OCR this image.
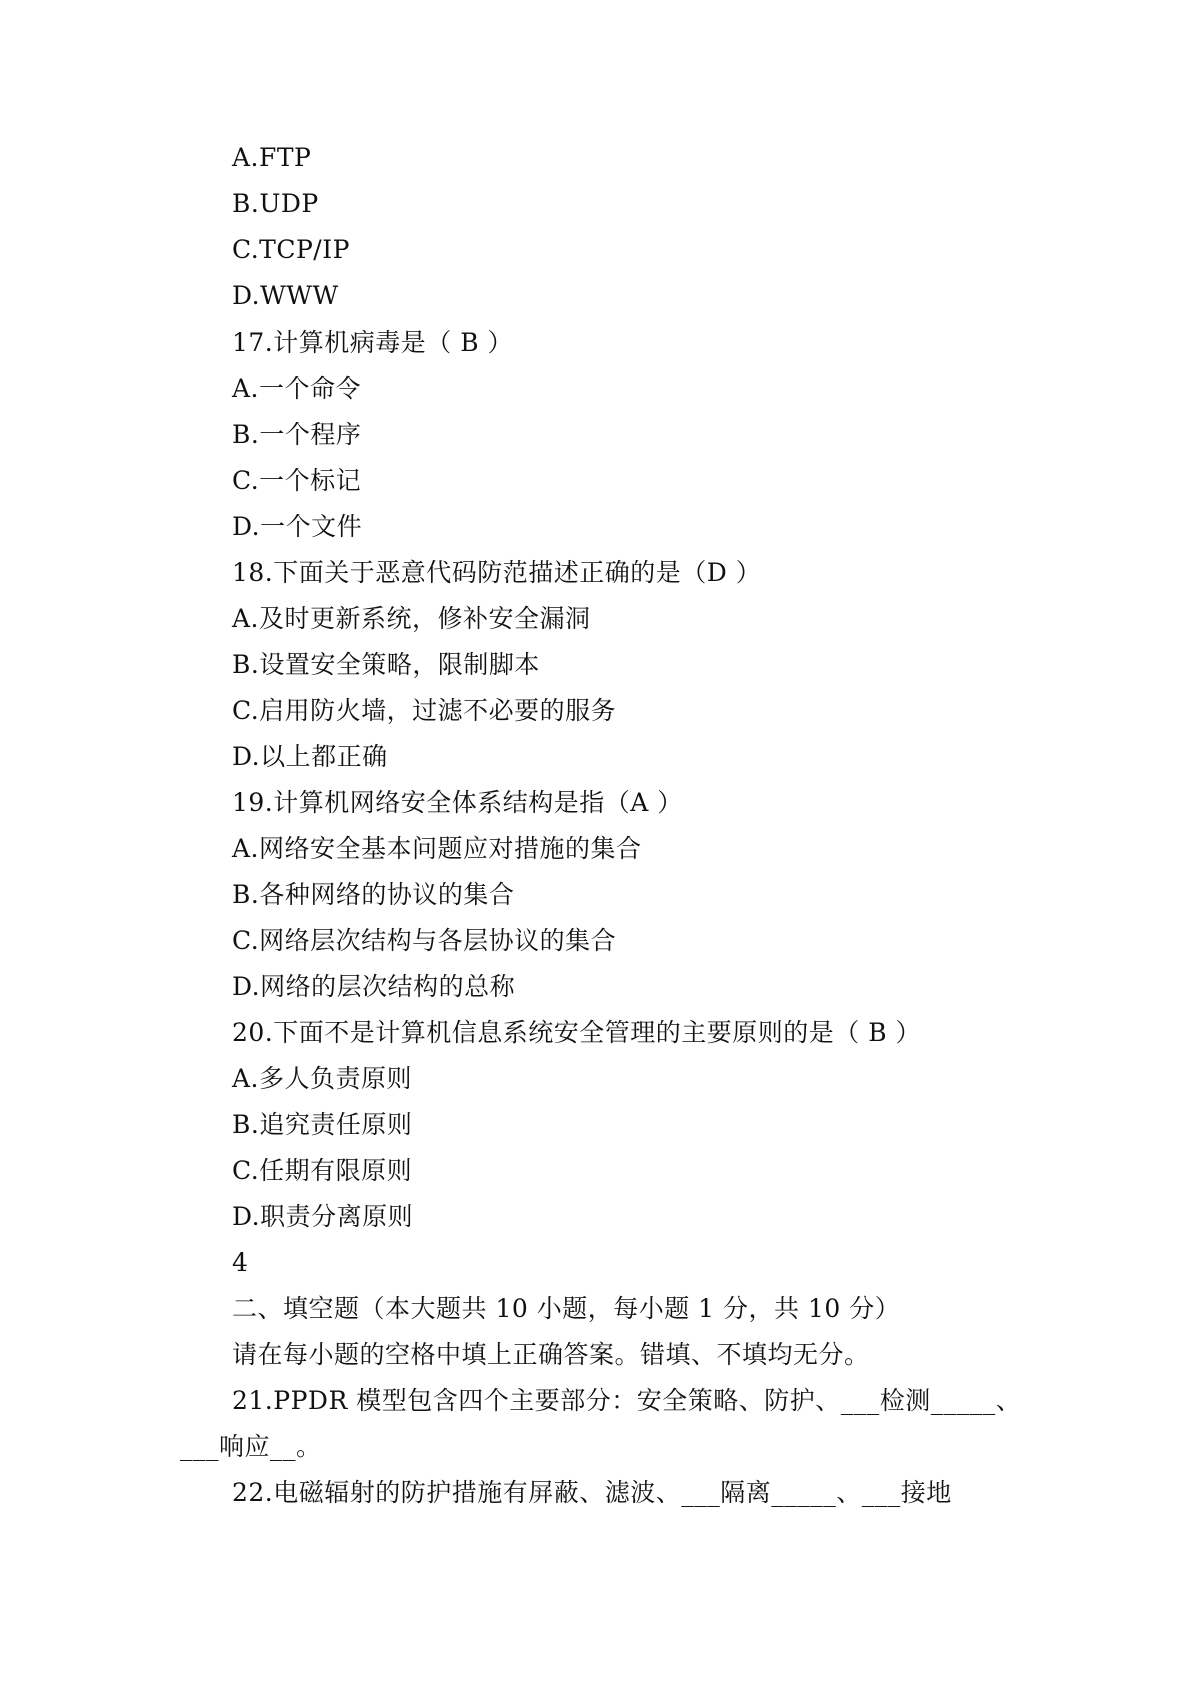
A.FTP
B.UDP
C.TCP/IP
D.WWW
17.计算机病毒是（ B ）
A.一个命令
B.一个程序
C.一个标记
D.一个文件
18.下面关于恶意代码防范描述正确的是（D ）
A.及时更新系统，修补安全漏洞
B.设置安全策略，限制脚本
C.启用防火墙，过滤不必要的服务
D.以上都正确
19.计算机网络安全体系结构是指（A ）
A.网络安全基本问题应对措施的集合
B.各种网络的协议的集合
C.网络层次结构与各层协议的集合
D.网络的层次结构的总称
20.下面不是计算机信息系统安全管理的主要原则的是（ B ）
A.多人负责原则
B.追究责任原则
C.任期有限原则
D.职责分离原则
4
二、填空题（本大题共 10 小题，每小题 1 分，共 10 分）
请在每小题的空格中填上正确答案。错填、不填均无分。
21.PPDR 模型包含四个主要部分：安全策略、防护、___检测_____、
___响应__。
22.电磁辐射的防护措施有屏蔽、滤波、___隔离_____、___接地
